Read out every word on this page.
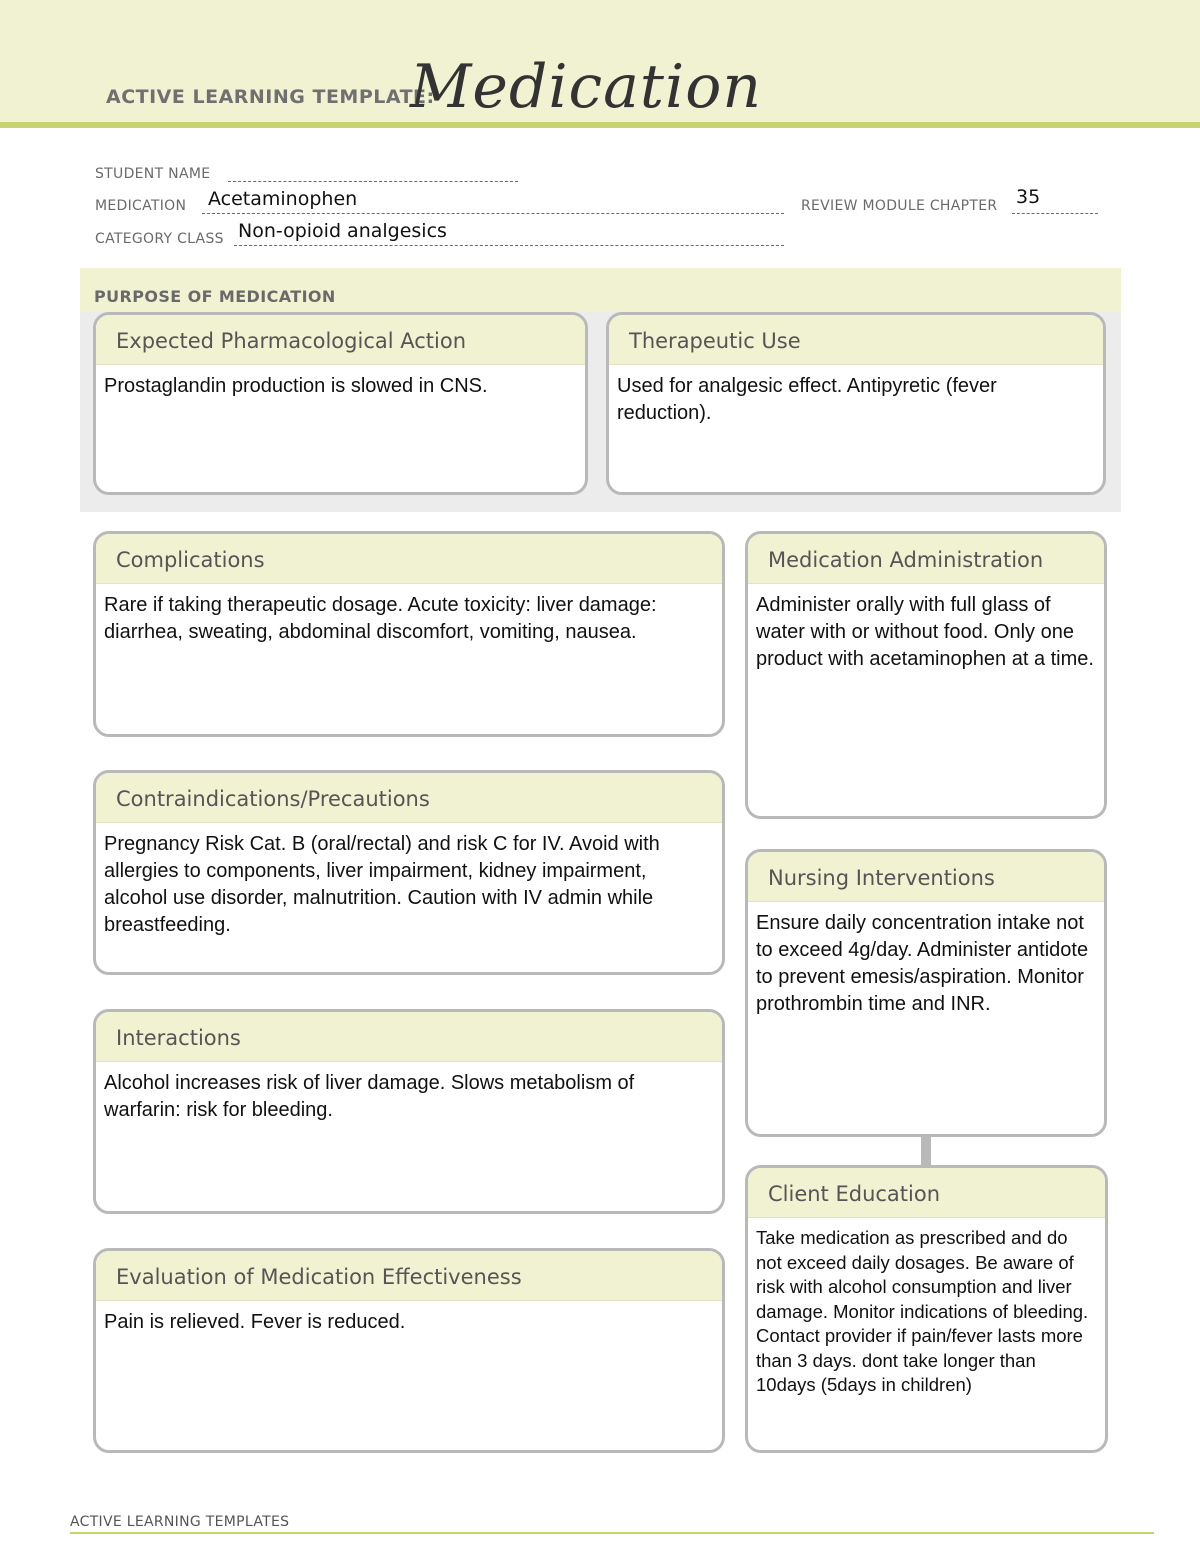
ACTIVE LEARNING TEMPLATE:
Medication
STUDENT NAME
MEDICATION Acetaminophen	REVIEW MODULE CHAPTER 35
CATEGORY CLASS Non-opioid analgesics
PURPOSE OF MEDICATION
Expected Pharmacological Action
Prostaglandin production is slowed in CNS.
Therapeutic Use
Used for analgesic effect. Antipyretic (fever reduction).
Complications
Rare if taking therapeutic dosage. Acute toxicity: liver damage: diarrhea, sweating, abdominal discomfort, vomiting, nausea.
Contraindications/Precautions
Pregnancy Risk Cat. B (oral/rectal) and risk C for IV. Avoid with allergies to components, liver impairment, kidney impairment, alcohol use disorder, malnutrition. Caution with IV admin while breastfeeding.
Interactions
Alcohol increases risk of liver damage. Slows metabolism of warfarin: risk for bleeding.
Evaluation of Medication Effectiveness
Pain is relieved. Fever is reduced.
Medication Administration
Administer orally with full glass of water with or without food. Only one product with acetaminophen at a time.
Nursing Interventions
Ensure daily concentration intake not to exceed 4g/day. Administer antidote to prevent emesis/aspiration. Monitor prothrombin time and INR.
Client Education
Take medication as prescribed and do not exceed daily dosages. Be aware of risk with alcohol consumption and liver damage. Monitor indications of bleeding. Contact provider if pain/fever lasts more than 3 days. dont take longer than 10days (5days in children)
ACTIVE LEARNING TEMPLATES
